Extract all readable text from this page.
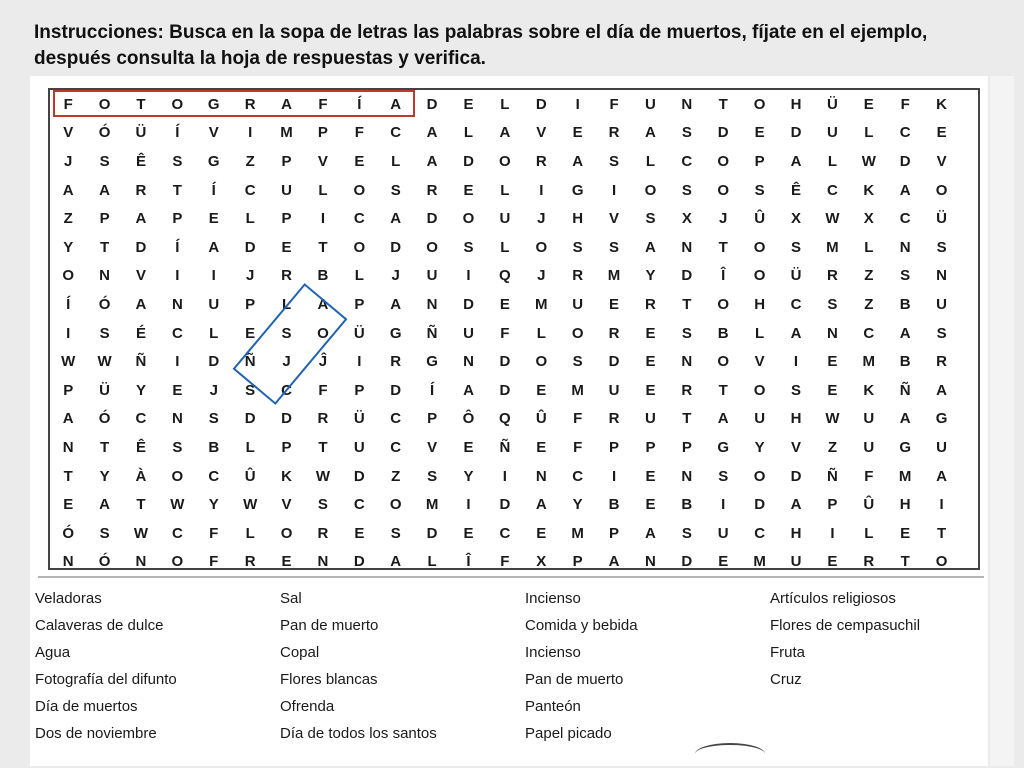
Instrucciones: Busca en la sopa de letras las palabras sobre el día de muertos, fíjate en el ejemplo, después consulta la hoja de respuestas y verifica.

F	O	T	O	G	R	A	F	Í	A	D	E	L	D	I	F	U	N	T	O	H	Ü	E	F	K
V	Ó	Ü	Í	V	I	M	P	F	C	A	L	A	V	E	R	A	S	D	E	D	U	L	C	E
J	S	Ê	S	G	Z	P	V	E	L	A	D	O	R	A	S	L	C	O	P	A	L	W	D	V
A	A	R	T	Í	C	U	L	O	S	R	E	L	I	G	I	O	S	O	S	Ê	C	K	A	O
Z	P	A	P	E	L	P	I	C	A	D	O	U	J	H	V	S	X	J	Û	X	W	X	C	Ü
Y	T	D	Í	A	D	E	T	O	D	O	S	L	O	S	S	A	N	T	O	S	M	L	N	S
O	N	V	I	I	J	R	B	L	J	U	I	Q	J	R	M	Y	D	Î	O	Ü	R	Z	S	N
Í	Ó	A	N	U	P	L	A	P	A	N	D	E	M	U	E	R	T	O	H	C	S	Z	B	U
I	S	É	C	L	E	S	O	Ü	G	Ñ	U	F	L	O	R	E	S	B	L	A	N	C	A	S
W	W	Ñ	I	D	Ñ	J	Ĵ	I	R	G	N	D	O	S	D	E	N	O	V	I	E	M	B	R
P	Ü	Y	E	J	S	C	F	P	D	Í	A	D	E	M	U	E	R	T	O	S	E	K	Ñ	A
A	Ó	C	N	S	D	D	R	Ü	C	P	Ô	Q	Û	F	R	U	T	A	U	H	W	U	A	G
N	T	Ê	S	B	L	P	T	U	C	V	E	Ñ	E	F	P	P	P	G	Y	V	Z	U	G	U
T	Y	À	O	C	Û	K	W	D	Z	S	Y	I	N	C	I	E	N	S	O	D	Ñ	F	M	A
E	A	T	W	Y	W	V	S	C	O	M	I	D	A	Y	B	E	B	I	D	A	P	Û	H	I
Ó	S	W	C	F	L	O	R	E	S	D	E	C	E	M	P	A	S	U	C	H	I	L	E	T
N	Ó	N	O	F	R	E	N	D	A	L	Î	F	X	P	A	N	D	E	M	U	E	R	T	O
Veladoras
Calaveras de dulce
Agua
Fotografía del difunto
Día de muertos
Dos de noviembre
Sal
Pan de muerto
Copal
Flores blancas
Ofrenda
Día de todos los santos
Incienso
Comida y bebida
Incienso
Pan de muerto
Panteón
Papel picado
Artículos religiosos
Flores de cempasuchil
Fruta
Cruz
